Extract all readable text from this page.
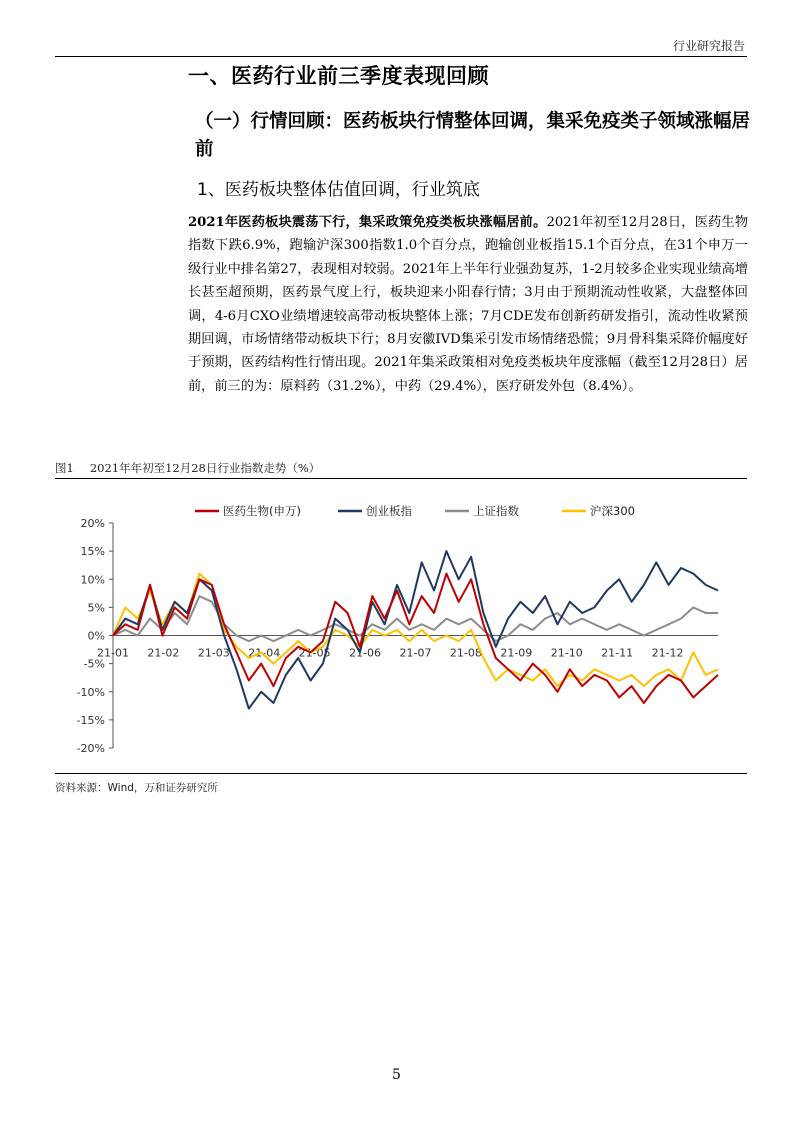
行业研究报告
一、医药行业前三季度表现回顾
（一）行情回顾：医药板块行情整体回调，集采免疫类子领域涨幅居前
1、医药板块整体估值回调，行业筑底
2021年医药板块震荡下行，集采政策免疫类板块涨幅居前。2021年初至12月28日，医药生物指数下跌6.9%，跑输沪深300指数1.0个百分点，跑输创业板指15.1个百分点，在31个申万一级行业中排名第27，表现相对较弱。2021年上半年行业强劲复苏，1-2月较多企业实现业绩高增长甚至超预期，医药景气度上行，板块迎来小阳春行情；3月由于预期流动性收紧，大盘整体回调，4-6月CXO业绩增速较高带动板块整体上涨；7月CDE发布创新药研发指引，流动性收紧预期回调，市场情绪带动板块下行；8月安徽IVD集采引发市场情绪恐慌；9月骨科集采降价幅度好于预期，医药结构性行情出现。2021年集采政策相对免疫类板块年度涨幅（截至12月28日）居前，前三的为：原料药（31.2%），中药（29.4%），医疗研发外包（8.4%）。
图1 2021年年初至12月28日行业指数走势（%）
20%
15%
10%
5%
0%
-5%
-10%
-15%
-20%
21-01 21-02 21-03 21-04 21-05 21-06 21-07 21-08 21-09 21-10 21-11 21-12
医药生物(申万)	创业板指	上证指数	沪深300
资料来源：Wind，万和证券研究所
5
